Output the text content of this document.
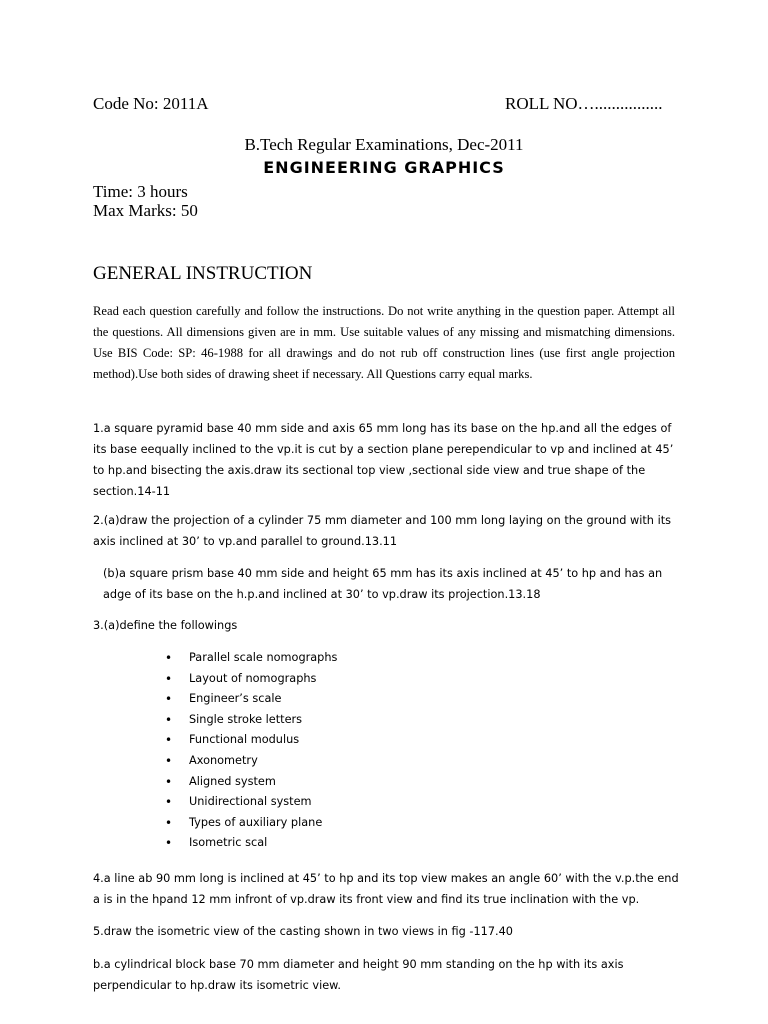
Code No: 2011A	ROLL NO…................
B.Tech Regular Examinations, Dec-2011
ENGINEERING GRAPHICS
Time: 3 hours
Max Marks: 50
GENERAL INSTRUCTION
Read each question carefully and follow the instructions. Do not write anything in the question paper. Attempt all the questions. All dimensions given are in mm. Use suitable values of any missing and mismatching dimensions. Use BIS Code: SP: 46-1988 for all drawings and do not rub off construction lines (use first angle projection method).Use both sides of drawing sheet if necessary. All Questions carry equal marks.
1.a square pyramid base 40 mm side and axis 65 mm long has its base on the hp.and all the edges of its base eequally inclined to the vp.it is cut by a section plane perependicular to vp and inclined at 45’ to hp.and bisecting the axis.draw its sectional top view ,sectional side view and true shape of the section.14-11
2.(a)draw the projection of a cylinder 75 mm diameter and 100 mm long laying on the ground with its axis inclined at 30’ to vp.and parallel to ground.13.11
(b)a square prism base 40 mm side and height 65 mm has its axis inclined at 45’ to hp and has an adge of its base on the h.p.and inclined at 30’ to vp.draw its projection.13.18
3.(a)define the followings
• Parallel scale nomographs
• Layout of nomographs
• Engineer’s scale
• Single stroke letters
• Functional modulus
• Axonometry
• Aligned system
• Unidirectional system
• Types of auxiliary plane
• Isometric scal
4.a line ab 90 mm long is inclined at 45’ to hp and its top view makes an angle 60’ with the v.p.the end a is in the hpand 12 mm infront of vp.draw its front view and find its true inclination with the vp.
5.draw the isometric view of the casting shown in two views in fig -117.40
b.a cylindrical block base 70 mm diameter and height 90 mm standing on the hp with its axis perpendicular to hp.draw its isometric view.
